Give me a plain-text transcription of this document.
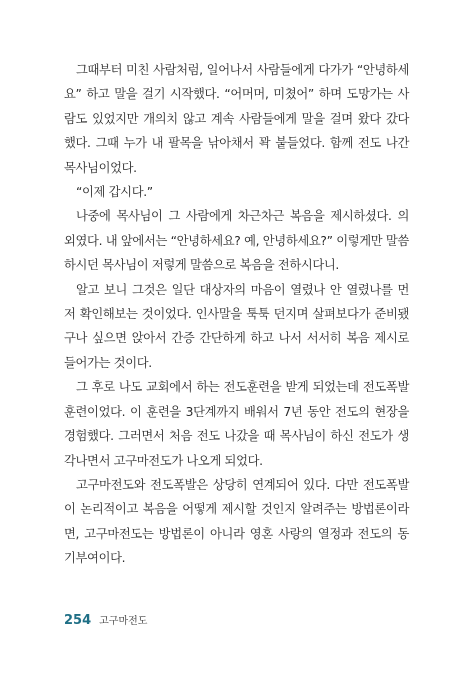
그때부터 미친 사람처럼, 일어나서 사람들에게 다가가 “안녕하세
요” 하고 말을 걸기 시작했다. “어머머, 미쳤어” 하며 도망가는 사
람도 있었지만 개의치 않고 계속 사람들에게 말을 걸며 왔다 갔다
했다. 그때 누가 내 팔목을 낚아채서 꽉 붙들었다. 함께 전도 나간
목사님이었다.

“이제 갑시다.”

나중에 목사님이 그 사람에게 차근차근 복음을 제시하셨다. 의
외였다. 내 앞에서는 “안녕하세요? 예, 안녕하세요?” 이렇게만 말씀
하시던 목사님이 저렇게 말씀으로 복음을 전하시다니.

알고 보니 그것은 일단 대상자의 마음이 열렸나 안 열렸나를 먼
저 확인해보는 것이었다. 인사말을 툭툭 던지며 살펴보다가 준비됐
구나 싶으면 앉아서 간증 간단하게 하고 나서 서서히 복음 제시로
들어가는 것이다.

그 후로 나도 교회에서 하는 전도훈련을 받게 되었는데 전도폭발
훈련이었다. 이 훈련을 3단계까지 배워서 7년 동안 전도의 현장을
경험했다. 그러면서 처음 전도 나갔을 때 목사님이 하신 전도가 생
각나면서 고구마전도가 나오게 되었다.

고구마전도와 전도폭발은 상당히 연계되어 있다. 다만 전도폭발
이 논리적이고 복음을 어떻게 제시할 것인지 알려주는 방법론이라
면, 고구마전도는 방법론이 아니라 영혼 사랑의 열정과 전도의 동
기부여이다.

254 고구마전도
